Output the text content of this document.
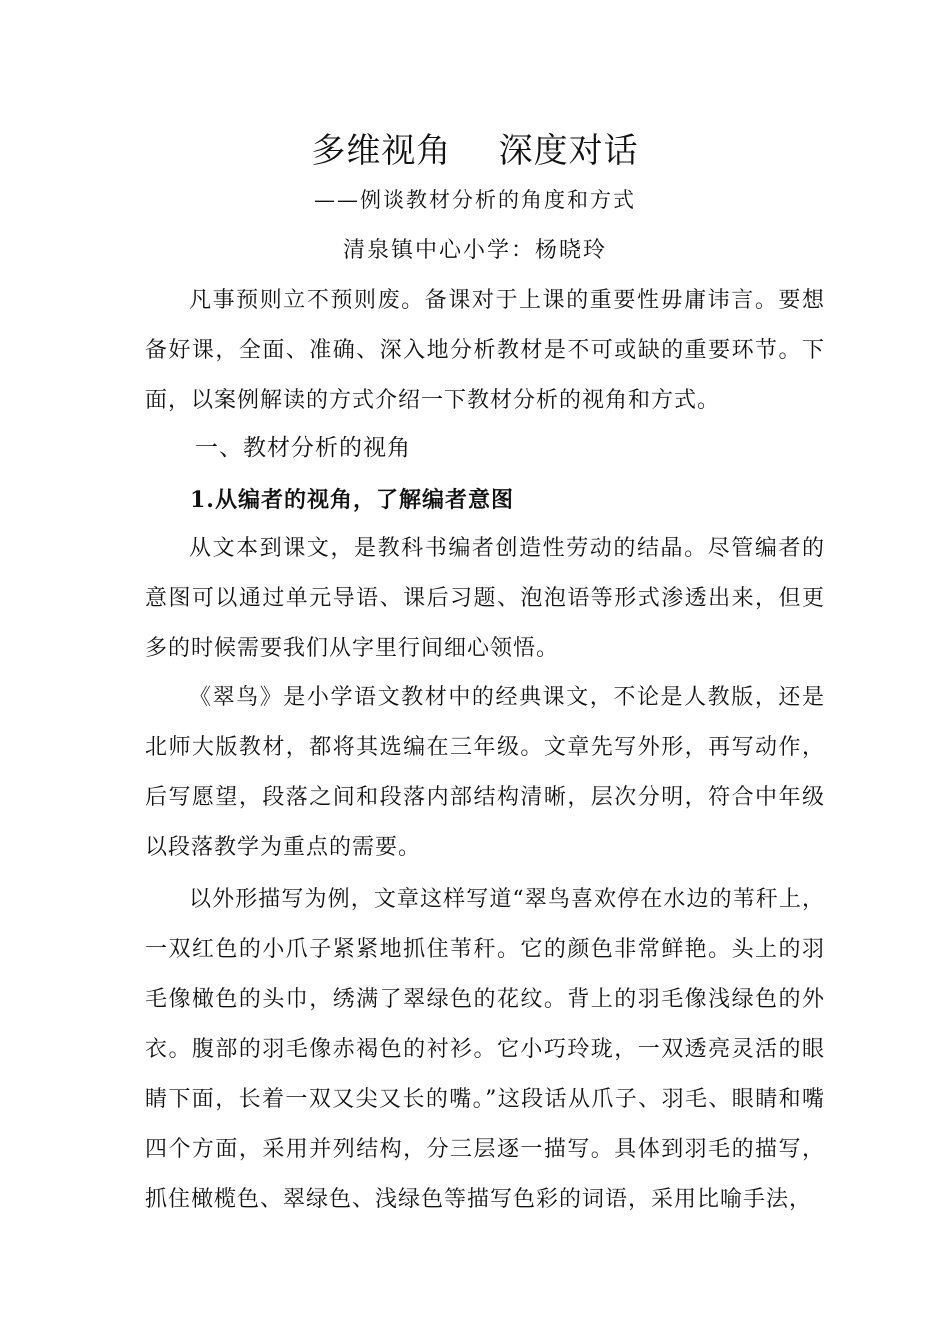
多维视角    深度对话
——例谈教材分析的角度和方式
清泉镇中心小学：杨晓玲

凡事预则立不预则废。备课对于上课的重要性毋庸讳言。要想备好课，全面、准确、深入地分析教材是不可或缺的重要环节。下面，以案例解读的方式介绍一下教材分析的视角和方式。

一、教材分析的视角
1.从编者的视角，了解编者意图

从文本到课文，是教科书编者创造性劳动的结晶。尽管编者的意图可以通过单元导语、课后习题、泡泡语等形式渗透出来，但更多的时候需要我们从字里行间细心领悟。

《翠鸟》是小学语文教材中的经典课文，不论是人教版，还是北师大版教材，都将其选编在三年级。文章先写外形，再写动作，后写愿望，段落之间和段落内部结构清晰，层次分明，符合中年级以段落教学为重点的需要。

以外形描写为例，文章这样写道“翠鸟喜欢停在水边的苇秆上，一双红色的小爪子紧紧地抓住苇秆。它的颜色非常鲜艳。头上的羽毛像橄色的头巾，绣满了翠绿色的花纹。背上的羽毛像浅绿色的外衣。腹部的羽毛像赤褐色的衬衫。它小巧玲珑，一双透亮灵活的眼睛下面，长着一双又尖又长的嘴。”这段话从爪子、羽毛、眼睛和嘴四个方面，采用并列结构，分三层逐一描写。具体到羽毛的描写，抓住橄榄色、翠绿色、浅绿色等描写色彩的词语，采用比喻手法，
